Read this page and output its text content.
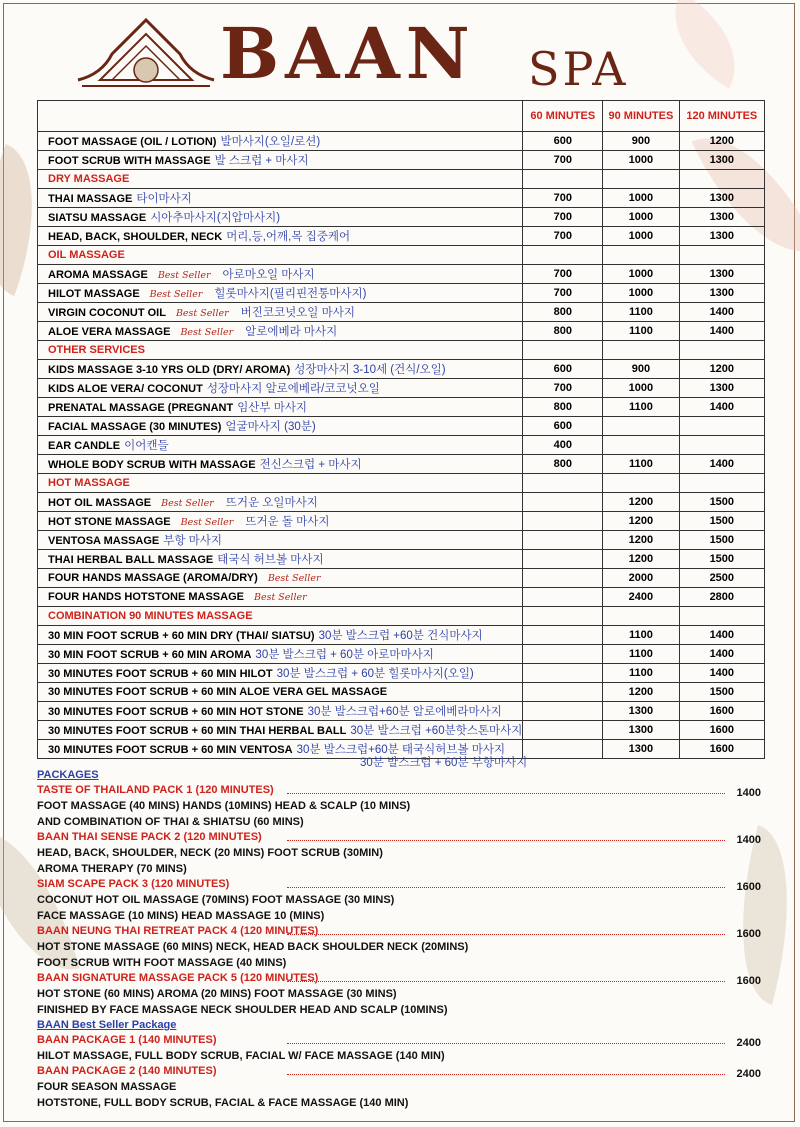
BAAN SPA
	60 MINUTES	90 MINUTES	120 MINUTES
FOOT MASSAGE (OIL / LOTION) 발마사지(오일/로션)	600	900	1200
FOOT SCRUB WITH MASSAGE 발 스크럽 + 마사지	700	1000	1300
DRY MASSAGE			
THAI MASSAGE 타이마사지	700	1000	1300
SIATSU MASSAGE 시아추마사지(지압마사지)	700	1000	1300
HEAD, BACK, SHOULDER, NECK 머리,등,어깨,목 집중케어	700	1000	1300
OIL MASSAGE			
AROMA MASSAGE Best Seller 아로마오일 마사지	700	1000	1300
HILOT MASSAGE Best Seller 힐롯마사지(필리핀전통마사지)	700	1000	1300
VIRGIN COCONUT OIL Best Seller 버진코코넛오일 마사지	800	1100	1400
ALOE VERA MASSAGE Best Seller 알로에베라 마사지	800	1100	1400
OTHER SERVICES			
KIDS MASSAGE 3-10 YRS OLD (DRY/ AROMA) 성장마사지 3-10세 (건식/오일)	600	900	1200
KIDS ALOE VERA/ COCONUT 성장마사지 알로에베라/코코넛오일	700	1000	1300
PRENATAL MASSAGE (PREGNANT 임산부 마사지	800	1100	1400
FACIAL MASSAGE (30 MINUTES) 얼굴마사지 (30분)	600		
EAR CANDLE 이어캔들	400		
WHOLE BODY SCRUB WITH MASSAGE 전신스크럽 + 마사지	800	1100	1400
HOT MASSAGE			
HOT OIL MASSAGE Best Seller 뜨거운 오일마사지		1200	1500
HOT STONE MASSAGE Best Seller 뜨거운 돌 마사지		1200	1500
VENTOSA MASSAGE 부항 마사지		1200	1500
THAI HERBAL BALL MASSAGE 태국식 허브볼 마사지		1200	1500
FOUR HANDS MASSAGE (AROMA/DRY) Best Seller		2000	2500
FOUR HANDS HOTSTONE MASSAGE Best Seller		2400	2800
COMBINATION 90 MINUTES MASSAGE			
30 MIN FOOT SCRUB + 60 MIN DRY (THAI/ SIATSU) 30분 발스크럽 +60분 건식마사지		1100	1400
30 MIN FOOT SCRUB + 60 MIN AROMA 30분 발스크럽 + 60분 아로마마사지		1100	1400
30 MINUTES FOOT SCRUB + 60 MIN HILOT 30분 발스크럽 + 60분 힐롯마사지(오일)		1100	1400
30 MINUTES FOOT SCRUB + 60 MIN ALOE VERA GEL MASSAGE		1200	1500
30 MINUTES FOOT SCRUB + 60 MIN HOT STONE 30분 발스크럽+60분 알로에베라마사지		1300	1600
30 MINUTES FOOT SCRUB + 60 MIN THAI HERBAL BALL 30분 발스크럽 +60분핫스톤마사지		1300	1600
30 MINUTES FOOT SCRUB + 60 MIN VENTOSA 30분 발스크럽+60분 태국식허브볼 마사지		1300	1600
30분 발스크럽 + 60분 부항마사지
PACKAGES
TASTE OF THAILAND PACK 1 (120 MINUTES)	1400
FOOT MASSAGE (40 MINS) HANDS (10MINS) HEAD & SCALP (10 MINS)
AND COMBINATION OF THAI & SHIATSU (60 MINS)
BAAN THAI SENSE PACK 2 (120 MINUTES)	1400
HEAD, BACK, SHOULDER, NECK (20 MINS) FOOT SCRUB (30MIN)
AROMA THERAPY (70 MINS)
SIAM SCAPE PACK 3 (120 MINUTES)	1600
COCONUT HOT OIL MASSAGE (70MINS) FOOT MASSAGE (30 MINS)
FACE MASSAGE (10 MINS) HEAD MASSAGE 10 (MINS)
BAAN NEUNG THAI RETREAT PACK 4 (120 MINUTES)	1600
HOT STONE MASSAGE (60 MINS) NECK, HEAD BACK SHOULDER NECK (20MINS)
FOOT SCRUB WITH FOOT MASSAGE (40 MINS)
BAAN SIGNATURE MASSAGE PACK 5 (120 MINUTES)	1600
HOT STONE (60 MINS) AROMA (20 MINS) FOOT MASSAGE (30 MINS)
FINISHED BY FACE MASSAGE NECK SHOULDER HEAD AND SCALP (10MINS)
BAAN Best Seller Package
BAAN PACKAGE 1 (140 MINUTES)	2400
HILOT MASSAGE, FULL BODY SCRUB, FACIAL W/ FACE MASSAGE (140 MIN)
BAAN PACKAGE 2 (140 MINUTES)	2400
FOUR SEASON MASSAGE
HOTSTONE, FULL BODY SCRUB, FACIAL & FACE MASSAGE (140 MIN)
